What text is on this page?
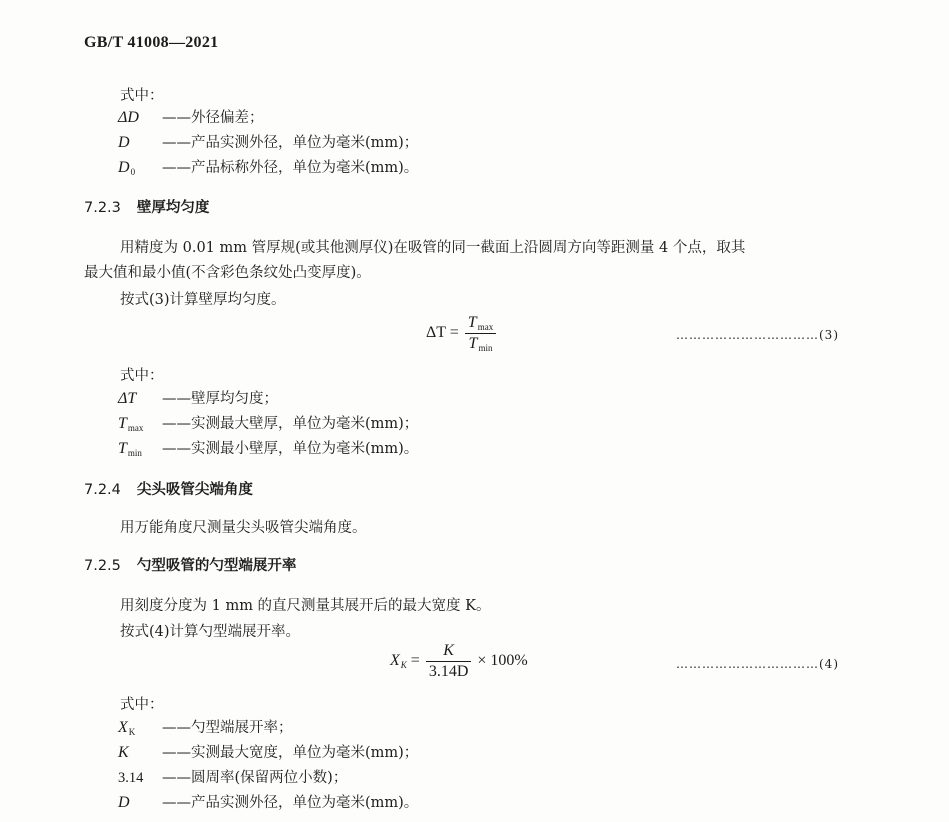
GB/T 41008—2021
式中：
ΔD ——外径偏差；
D ——产品实测外径，单位为毫米(mm)；
$D_0$ ——产品标称外径，单位为毫米(mm)。
7.2.3 壁厚均匀度
用精度为 0.01 mm 管厚规(或其他测厚仪)在吸管的同一截面上沿圆周方向等距测量 4 个点，取其
最大值和最小值(不含彩色条纹处凸变厚度)。
按式(3)计算壁厚均匀度。
$\Delta T = \frac{T_{max}}{T_{min}}$	……………………………(3)
式中：
ΔT ——壁厚均匀度；
$T_{max}$ ——实测最大壁厚，单位为毫米(mm)；
$T_{min}$ ——实测最小壁厚，单位为毫米(mm)。
7.2.4 尖头吸管尖端角度
用万能角度尺测量尖头吸管尖端角度。
7.2.5 勺型吸管的勺型端展开率
用刻度分度为 1 mm 的直尺测量其展开后的最大宽度 K。
按式(4)计算勺型端展开率。
$X_K = \frac{K}{3.14D} \times 100\%$	……………………………(4)
式中：
$X_K$ ——勺型端展开率；
K ——实测最大宽度，单位为毫米(mm)；
3.14 ——圆周率(保留两位小数)；
D ——产品实测外径，单位为毫米(mm)。
